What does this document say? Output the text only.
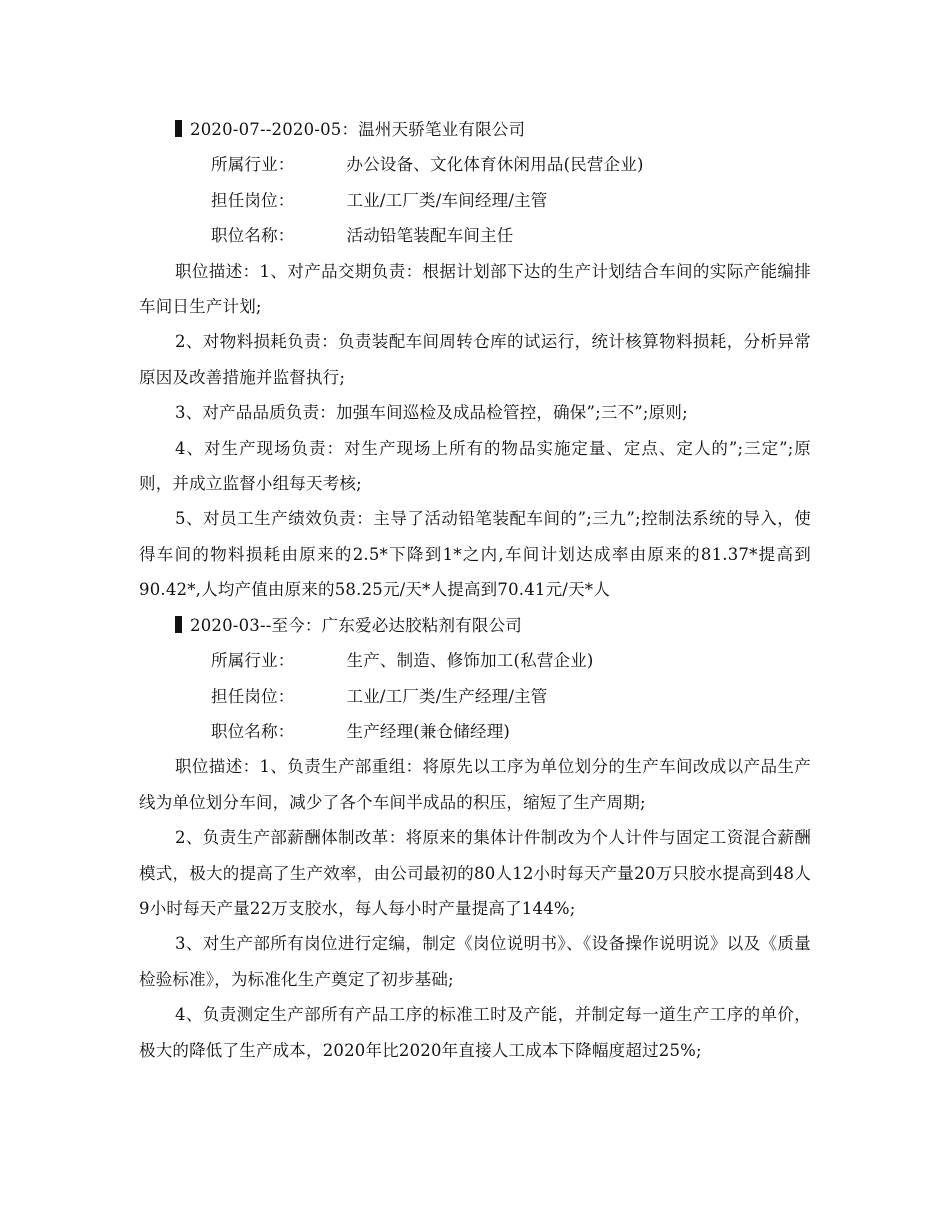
2020-07--2020-05：温州天骄笔业有限公司
所属行业：	办公设备、文化体育休闲用品(民营企业)
担任岗位：	工业/工厂类/车间经理/主管
职位名称：	活动铅笔装配车间主任

职位描述：1、对产品交期负责：根据计划部下达的生产计划结合车间的实际产能编排车间日生产计划;

2、对物料损耗负责：负责装配车间周转仓库的试运行，统计核算物料损耗，分析异常原因及改善措施并监督执行;

3、对产品品质负责：加强车间巡检及成品检管控，确保”;三不”;原则;

4、对生产现场负责：对生产现场上所有的物品实施定量、定点、定人的”;三定”;原则，并成立监督小组每天考核;

5、对员工生产绩效负责：主导了活动铅笔装配车间的”;三九”;控制法系统的导入，使得车间的物料损耗由原来的2.5*下降到1*之内,车间计划达成率由原来的81.37*提高到90.42*,人均产值由原来的58.25元/天*人提高到70.41元/天*人

2020-03--至今：广东爱必达胶粘剂有限公司
所属行业：	生产、制造、修饰加工(私营企业)
担任岗位：	工业/工厂类/生产经理/主管
职位名称：	生产经理(兼仓储经理)

职位描述：1、负责生产部重组：将原先以工序为单位划分的生产车间改成以产品生产线为单位划分车间，减少了各个车间半成品的积压，缩短了生产周期;

2、负责生产部薪酬体制改革：将原来的集体计件制改为个人计件与固定工资混合薪酬模式，极大的提高了生产效率，由公司最初的80人12小时每天产量20万只胶水提高到48人9小时每天产量22万支胶水，每人每小时产量提高了144%;

3、对生产部所有岗位进行定编，制定《岗位说明书》、《设备操作说明说》以及《质量检验标准》，为标准化生产奠定了初步基础;

4、负责测定生产部所有产品工序的标准工时及产能，并制定每一道生产工序的单价，极大的降低了生产成本，2020年比2020年直接人工成本下降幅度超过25%;
